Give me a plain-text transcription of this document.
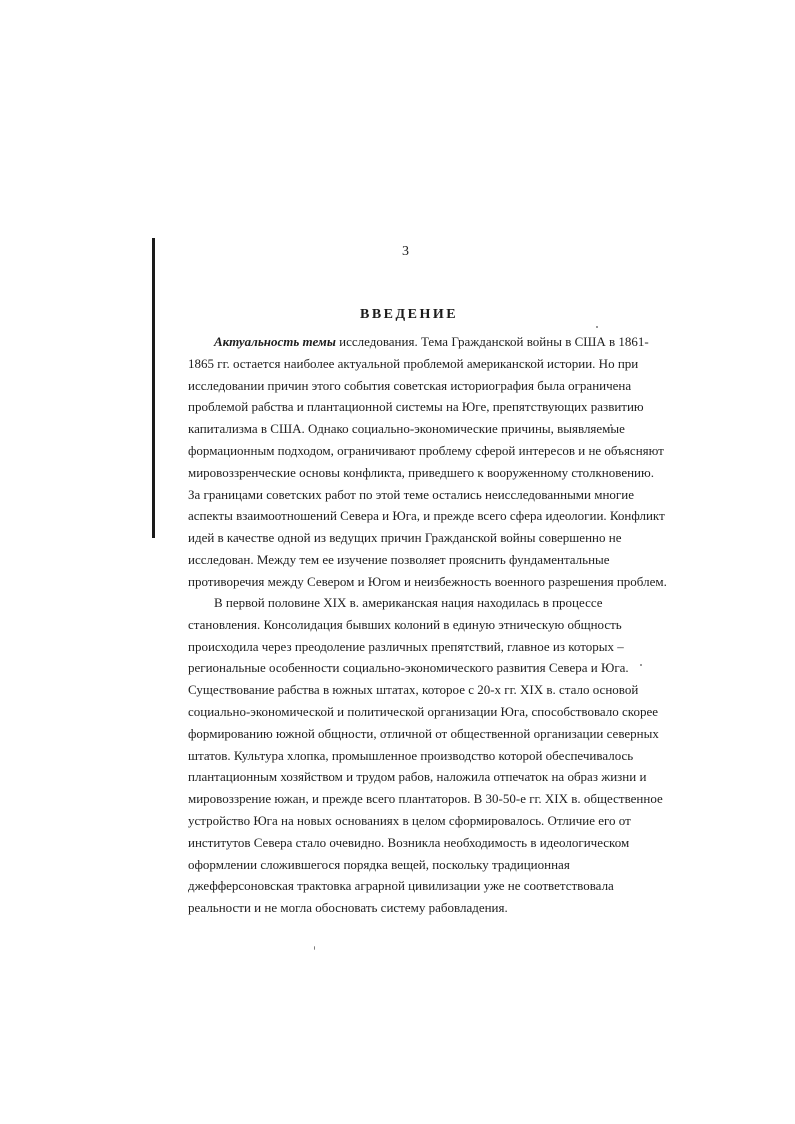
3
ВВЕДЕНИЕ
Актуальность темы исследования. Тема Гражданской войны в США в 1861-
1865 гг. остается наиболее актуальной проблемой американской истории. Но при
исследовании причин этого события советская историография была ограничена
проблемой рабства и плантационной системы на Юге, препятствующих развитию
капитализма в США. Однако социально-экономические причины, выявляемые
формационным подходом, ограничивают проблему сферой интересов и не объясняют
мировоззренческие основы конфликта, приведшего к вооруженному столкновению.
За границами советских работ по этой теме остались неисследованными многие
аспекты взаимоотношений Севера и Юга, и прежде всего сфера идеологии. Конфликт
идей в качестве одной из ведущих причин Гражданской войны совершенно не
исследован. Между тем ее изучение позволяет прояснить фундаментальные
противоречия между Севером и Югом и неизбежность военного разрешения проблем.
В первой половине XIX в. американская нация находилась в процессе
становления. Консолидация бывших колоний в единую этническую общность
происходила через преодоление различных препятствий, главное из которых –
региональные особенности социально-экономического развития Севера и Юга.
Существование рабства в южных штатах, которое с 20-х гг. XIX в. стало основой
социально-экономической и политической организации Юга, способствовало скорее
формированию южной общности, отличной от общественной организации северных
штатов. Культура хлопка, промышленное производство которой обеспечивалось
плантационным хозяйством и трудом рабов, наложила отпечаток на образ жизни и
мировоззрение южан, и прежде всего плантаторов. В 30-50-е гг. XIX в. общественное
устройство Юга на новых основаниях в целом сформировалось. Отличие его от
институтов Севера стало очевидно. Возникла необходимость в идеологическом
оформлении сложившегося порядка вещей, поскольку традиционная
джефферсоновская трактовка аграрной цивилизации уже не соответствовала
реальности и не могла обосновать систему рабовладения.
